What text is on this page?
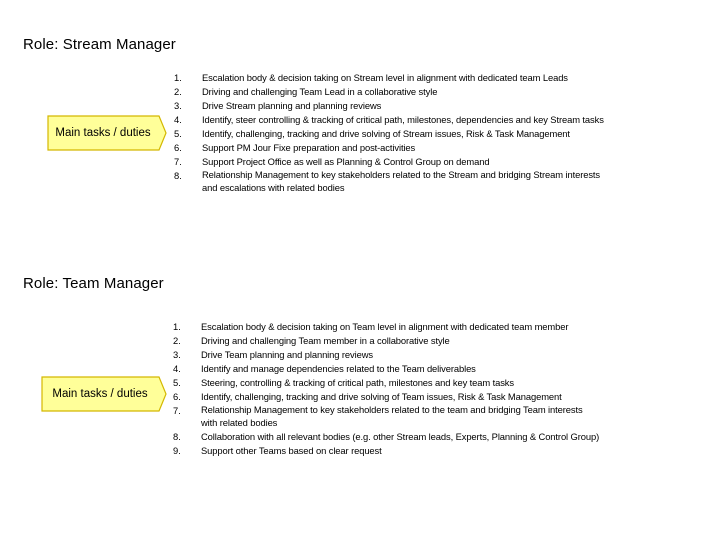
Role: Stream Manager
Main tasks / duties
1.	Escalation body & decision taking on Stream level in alignment with dedicated team Leads
2.	Driving and challenging Team Lead in a collaborative style
3.	Drive Stream planning and planning reviews
4.	Identify, steer controlling & tracking of critical path, milestones, dependencies and key Stream tasks
5.	Identify, challenging, tracking and drive solving of Stream issues, Risk & Task Management
6.	Support PM Jour Fixe preparation and post-activities
7.	Support Project Office as well as Planning & Control Group on demand
8.	Relationship Management to key stakeholders related to the Stream and bridging Stream interests
and escalations with related bodies
Role: Team Manager
Main tasks / duties
1.	Escalation body & decision taking on Team level in alignment with dedicated team member
2.	Driving and challenging Team member in a collaborative style
3.	Drive Team planning and planning reviews
4.	Identify and manage dependencies related to the Team deliverables
5.	Steering, controlling & tracking of critical path, milestones and key team tasks
6.	Identify, challenging, tracking and drive solving of Team issues, Risk & Task Management
7.	Relationship Management to key stakeholders related to the team and bridging Team interests
with related bodies
8.	Collaboration with all relevant bodies (e.g. other Stream leads, Experts, Planning & Control Group)
9.	Support other Teams based on clear request
